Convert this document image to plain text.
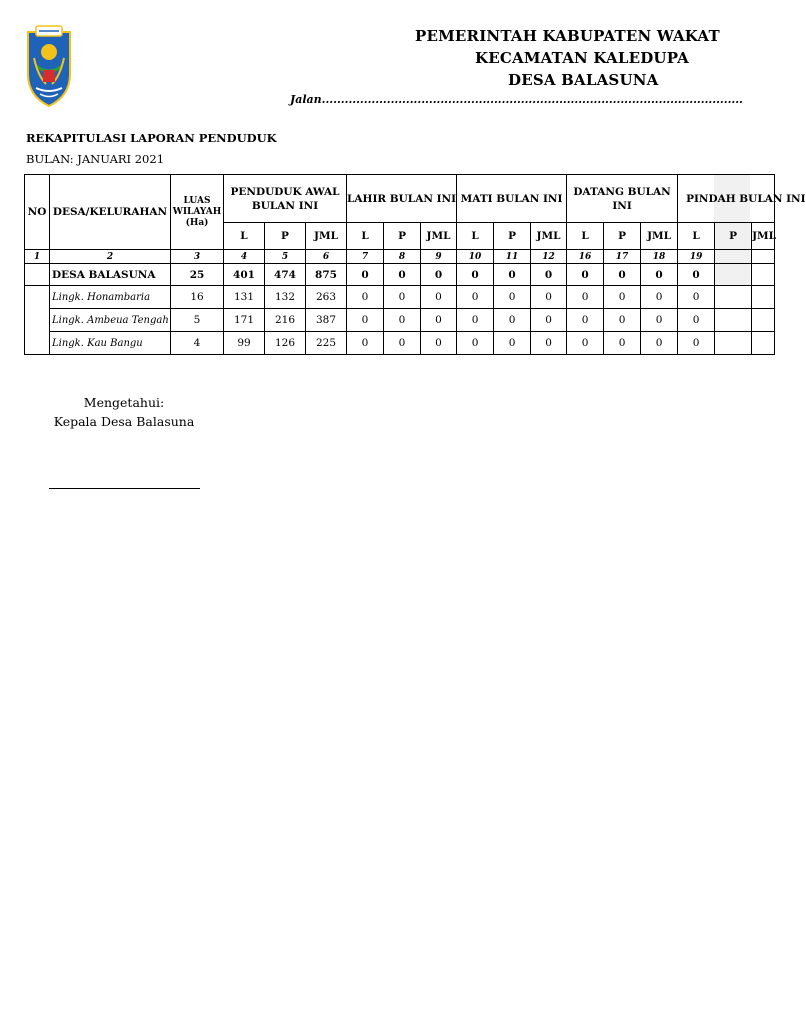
PEMERINTAH KABUPATEN WAKAT
KECAMATAN KALEDUPA
DESA BALASUNA
Jalan..............................................................................................................
REKAPITULASI LAPORAN PENDUDUK
BULAN: JANUARI 2021
NO	DESA/KELURAHAN	LUAS
WILAYAH
(Ha)	PENDUDUK AWAL BULAN INI			LAHIR BULAN INI			MATI BULAN INI			DATANG BULAN INI			PINDAH BULAN INI		
			L	P	JML	L	P	JML	L	P	JML	L	P	JML	L	P	JML
1	2	3	4	5	6	7	8	9	10	11	12	16	17	18	19		
	DESA BALASUNA	25	401	474	875	0	0	0	0	0	0	0	0	0	0		
	Lingk. Honambaria	16	131	132	263	0	0	0	0	0	0	0	0	0	0		
	Lingk. Ambeua Tengah	5	171	216	387	0	0	0	0	0	0	0	0	0	0		
	Lingk. Kau Bangu	4	99	126	225	0	0	0	0	0	0	0	0	0	0		
Mengetahui:
Kepala Desa Balasuna
